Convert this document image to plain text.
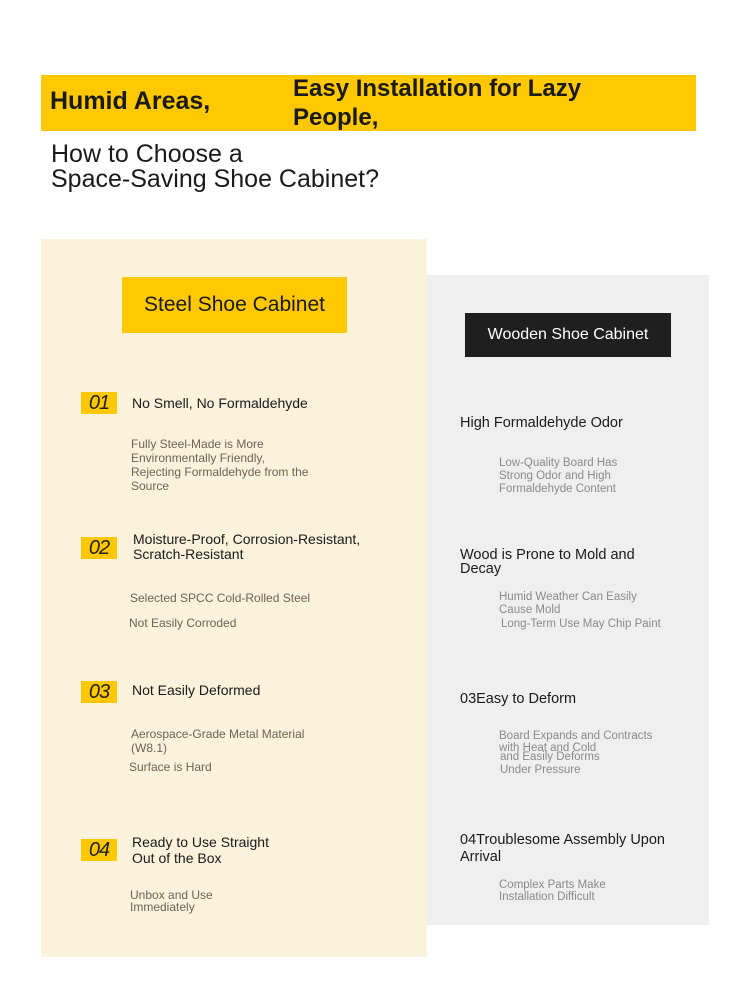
Humid Areas,	Easy Installation for Lazy People,
How to Choose a
Space-Saving Shoe Cabinet?
Steel Shoe Cabinet
Wooden Shoe Cabinet
01	No Smell, No Formaldehyde
Fully Steel-Made is More
Environmentally Friendly,
Rejecting Formaldehyde from the
Source
02	Moisture-Proof, Corrosion-Resistant,
Scratch-Resistant
Selected SPCC Cold-Rolled Steel
Not Easily Corroded
03	Not Easily Deformed
Aerospace-Grade Metal Material
(W8.1)
Surface is Hard
04	Ready to Use Straight
Out of the Box
Unbox and Use
Immediately
High Formaldehyde Odor
Low-Quality Board Has
Strong Odor and High
Formaldehyde Content
Wood is Prone to Mold and
Decay
Humid Weather Can Easily
Cause Mold
Long-Term Use May Chip Paint
03Easy to Deform
Board Expands and Contracts
with Heat and Cold
and Easily Deforms
Under Pressure
04Troublesome Assembly Upon
Arrival
Complex Parts Make
Installation Difficult
